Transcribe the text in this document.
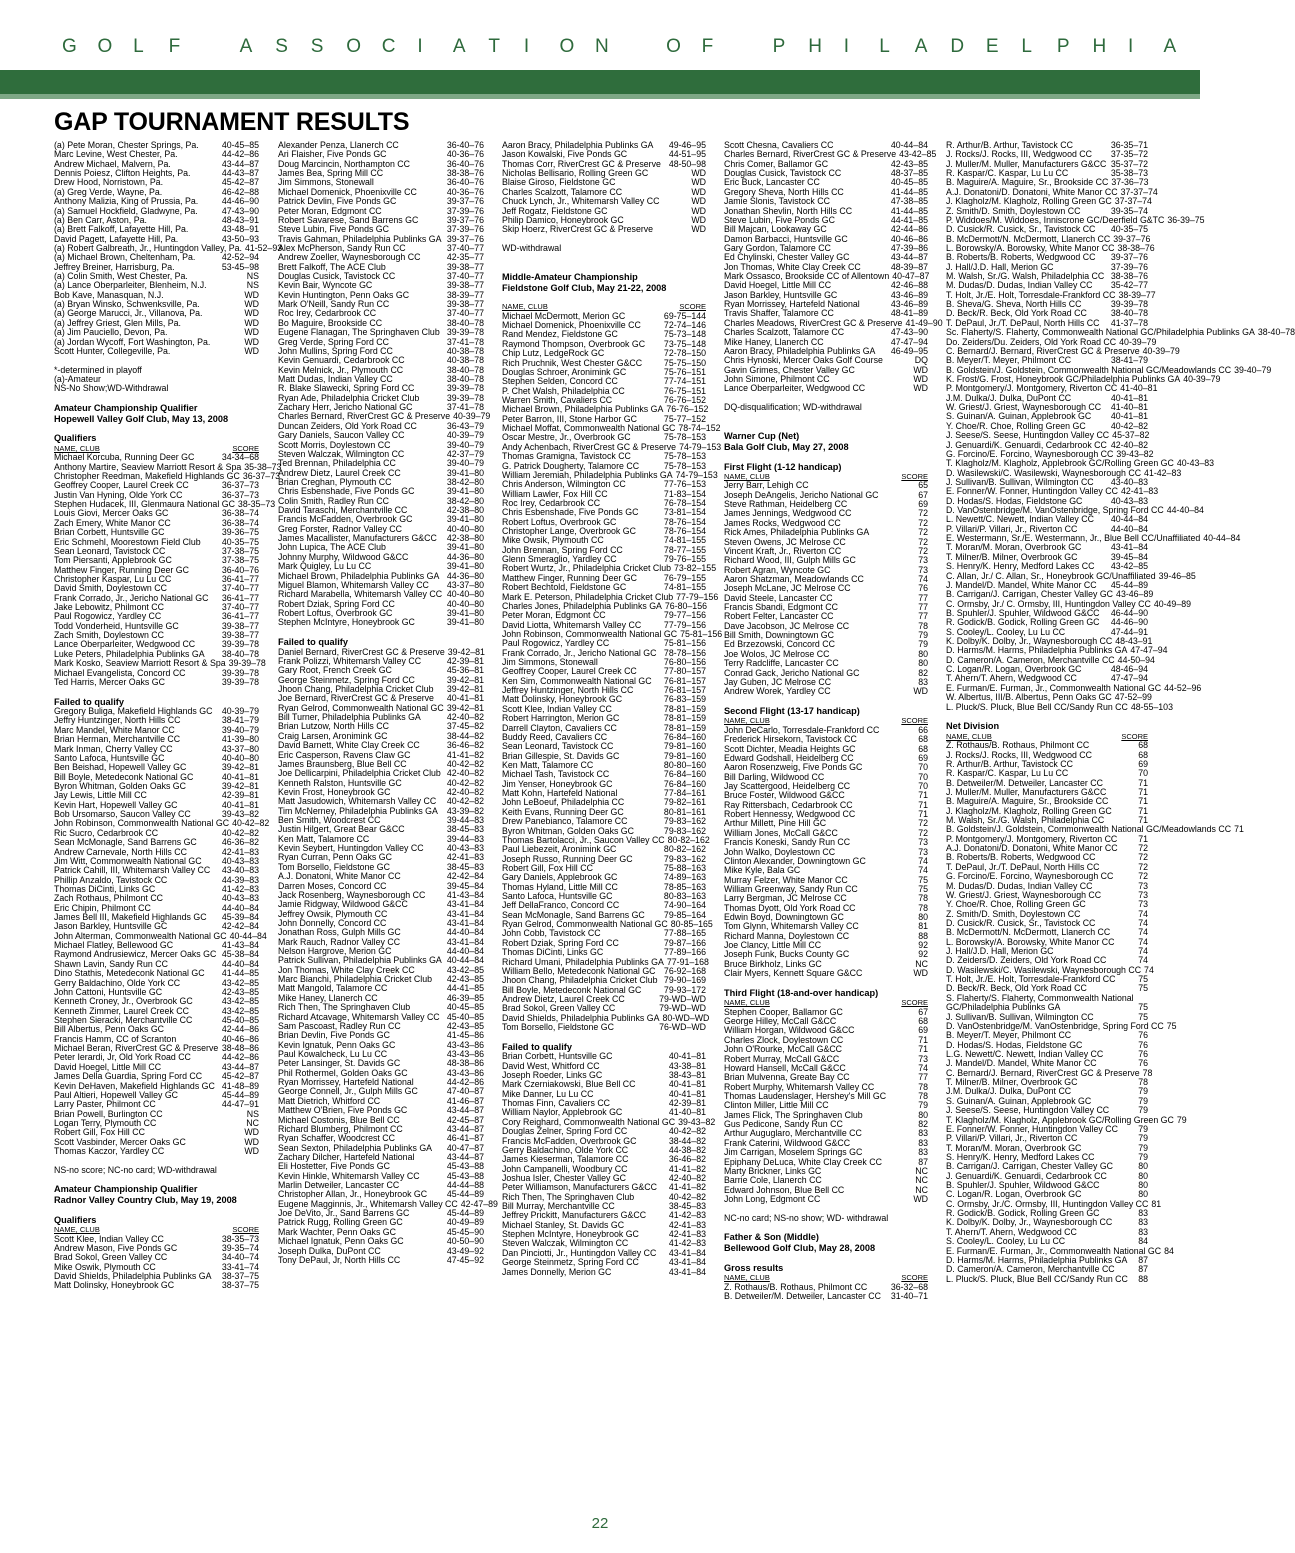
G O L F	A S S O C I A T I O N	O F	P H I L A D E L P H I A
GAP TOURNAMENT RESULTS
(a) Pete Moran, Chester Springs, Pa.	40-45–85
Marc Levine, West Chester, Pa.	44-42–86
Andrew Michael, Malvern, Pa.	43-44–87
Dennis Poiesz, Clifton Heights, Pa.	44-43–87
Drew Hood, Norristown, Pa.	45-42–87
(a) Greg Verde, Wayne, Pa.	46-42–88
Anthony Malizia, King of Prussia, Pa.	44-46–90
(a) Samuel Hockfield, Gladwyne, Pa.	47-43–90
(a) Ben Carr, Aston, Pa.	48-43–91
(a) Brett Falkoff, Lafayette Hill, Pa.	43-48–91
David Pagett, Lafayette Hill, Pa.	43-50–93
(a) Robert Galbreath, Jr., Huntingdon Valley, Pa. 41-52–93
(a) Michael Brown, Cheltenham, Pa.	42-52–94
Jeffrey Breiner, Harrisburg, Pa.	53-45–98
(a) Colin Smith, West Chester, Pa.	NS
(a) Lance Oberparleiter, Blenheim, N.J.	NS
Bob Kave, Manasquan, N.J.	WD
(a) Bryan Winsko, Schwenksville, Pa.	WD
(a) George Marucci, Jr., Villanova, Pa.	WD
(a) Jeffrey Griest, Glen Mills, Pa.	WD
(a) Jim Pauciello, Devon, Pa.	WD
(a) Jordan Wycoff, Fort Washington, Pa.	WD
Scott Hunter, Collegeville, Pa.	WD
*-determined in playoff
(a)-Amateur
NS-No Show;WD-Withdrawal
Amateur Championship Qualifier
Hopewell Valley Golf Club, May 13, 2008
Qualifiers
NAME, CLUB	SCORE
Michael Korcuba, Running Deer GC	34-34–68
Anthony Martire, Seaview Marriott Resort & Spa 35-38–73
Christopher Reedman, Makefield Highlands GC 36-37–73
Geoffrey Cooper, Laurel Creek CC	36-37–73
Justin Van Hyning, Olde York CC	36-37–73
Stephen Hudacek, III, Glenmaura National GC 38-35–73
Louis Giovi, Mercer Oaks GC	36-38–74
Zach Emery, White Manor CC	36-38–74
Brian Corbett, Huntsville GC	39-36–75
Eric Schmehl, Moorestown Field Club	40-35–75
Sean Leonard, Tavistock CC	37-38–75
Tom Piersanti, Applebrook GC	37-38–75
Matthew Finger, Running Deer GC	36-40–76
Christopher Kaspar, Lu Lu CC	36-41–77
David Smith, Doylestown CC	37-40–77
Frank Corrado, Jr., Jericho National GC	36-41–77
Jake Lebowitz, Philmont CC	37-40–77
Paul Rogowicz, Yardley CC	36-41–77
Todd Vonderheid, Huntsville GC	39-38–77
Zach Smith, Doylestown CC	39-38–77
Lance Oberparleiter, Wedgwood CC	39-39–78
Luke Peters, Philadelphia Publinks GA	38-40–78
Mark Kosko, Seaview Marriott Resort & Spa 39-39–78
Michael Evangelista, Concord CC	39-39–78
Ted Harris, Mercer Oaks GC	39-39–78
Failed to qualify
Gregory Buliga, Makefield Highlands GC	40-39–79
Jeffry Huntzinger, North Hills CC	38-41–79
Marc Mandel, White Manor CC	39-40–79
Brian Herman, Merchantville CC	41-39–80
Mark Inman, Cherry Valley CC	43-37–80
Santo Lafoca, Huntsville GC	40-40–80
Ben Beishad, Hopewell Valley GC	39-42–81
Bill Boyle, Metedeconk National GC	40-41–81
Byron Whitman, Golden Oaks GC	39-42–81
Jay Lewis, Little Mill CC	42-39–81
Kevin Hart, Hopewell Valley GC	40-41–81
Bob Ursomarso, Saucon Valley CC	39-43–82
John Robinson, Commonwealth National GC 40-42–82
Ric Sucro, Cedarbrook CC	40-42–82
Sean McMonagle, Sand Barrens GC	46-36–82
Andrew Carnevale, North Hills CC	42-41–83
Jim Witt, Commonwealth National GC	40-43–83
Patrick Cahill, III, Whitemarsh Valley CC	43-40–83
Phillip Anzaldo, Tavistock CC	44-39–83
Thomas DiCinti, Links GC	41-42–83
Zach Rothaus, Philmont CC	40-43–83
Eric Chipin, Philmont CC	44-40–84
James Bell III, Makefield Highlands GC	45-39–84
Jason Barkley, Huntsville GC	42-42–84
John Alterman, Commonwealth National GC 40-44–84
Michael Flatley, Bellewood GC	41-43–84
Raymond Andrusiewicz, Mercer Oaks GC 45-38–84
Shawn Lavin, Sandy Run CC	44-40–84
Dino Stathis, Metedeconk National GC	41-44–85
Gerry Baldachino, Olde York CC	43-42–85
John Cattoni, Huntsville GC	42-43–85
Kenneth Croney, Jr., Overbrook GC	43-42–85
Kenneth Zimmer, Laurel Creek CC	43-42–85
Stephen Sieracki, Merchantville CC	45-40–85
Bill Albertus, Penn Oaks GC	42-44–86
Francis Hamm, CC of Scranton	40-46–86
Michael Beran, RiverCrest GC & Preserve 38-48–86
Peter Ierardi, Jr, Old York Road CC	44-42–86
David Hoegel, Little Mill CC	43-44–87
James Della Guardia, Spring Ford CC	45-42–87
Kevin DeHaven, Makefield Highlands GC 41-48–89
Paul Altieri, Hopewell Valley GC	45-44–89
Larry Paster, Philmont CC	44-47–91
Brian Powell, Burlington CC	NS
Logan Terry, Plymouth CC	NC
Robert Gill, Fox Hill CC	WD
Scott Vasbinder, Mercer Oaks GC	WD
Thomas Kaczor, Yardley CC	WD
NS-no score; NC-no card; WD-withdrawal
Amateur Championship Qualifier
Radnor Valley Country Club, May 19, 2008
Qualifiers
NAME, CLUB	SCORE
Scott Klee, Indian Valley CC	38-35–73
Andrew Mason, Five Ponds GC	39-35–74
Brad Sokol, Green Valley CC	34-40–74
Mike Oswik, Plymouth CC	33-41–74
David Shields, Philadelphia Publinks GA	38-37–75
Matt Dolinsky, Honeybrook GC	38-37–75
Alexander Penza, Llanerch CC	36-40–76
Ari Flaisher, Five Ponds GC	40-36–76
Doug Marcincin, Northampton CC	36-40–76
James Bea, Spring Mill CC	38-38–76
Jim Simmons, Stonewall	36-40–76
Michael Domenick, Phoenixville CC	40-36–76
Patrick Devlin, Five Ponds GC	39-37–76
Peter Moran, Edgmont CC	37-39–76
Robert Savarese, Sand Barrens GC	39-37–76
Steve Lubin, Five Ponds GC	37-39–76
Travis Gahman, Philadelphia Publinks GA 39-37–76
Alex McPherson, Sandy Run CC	37-40–77
Andrew Zoeller, Waynesborough CC	42-35–77
Brett Falkoff, The ACE Club	39-38–77
Douglas Cusick, Tavistock CC	37-40–77
Kevin Bair, Wyncote GC	39-38–77
Kevin Huntington, Penn Oaks GC	38-39–77
Mark O'Neill, Sandy Run CC	39-38–77
Roc Irey, Cedarbrook CC	37-40–77
Bo Maguire, Brookside CC	38-40–78
Eugene Flanagan, The Springhaven Club 39-39–78
Greg Verde, Spring Ford CC	37-41–78
John Mullins, Spring Ford CC	40-38–78
Kevin Genuardi, Cedarbrook CC	40-38–78
Kevin Melnick, Jr., Plymouth CC	38-40–78
Matt Dudas, Indian Valley CC	38-40–78
R. Blake Slawecki, Spring Ford CC	39-39–78
Ryan Ade, Philadelphia Cricket Club	39-39–78
Zachary Herr, Jericho National GC	37-41–78
Charles Bernard, RiverCrest GC & Preserve 40-39–79
Duncan Zeiders, Old York Road CC	36-43–79
Gary Daniels, Saucon Valley CC	40-39–79
Scott Morris, Doylestown CC	39-40–79
Steven Walczak, Wilmington CC	42-37–79
Ted Brennan, Philadelphia CC	39-40–79
Andrew Dietz, Laurel Creek CC	39-41–80
Brian Creghan, Plymouth CC	38-42–80
Chris Esbenshade, Five Ponds GC	39-41–80
Colin Smith, Radley Run CC	38-42–80
David Taraschi, Merchantville CC	42-38–80
Francis McFadden, Overbrook GC	39-41–80
Greg Forster, Radnor Valley CC	40-40–80
James Macallister, Manufacturers G&CC	42-38–80
John Lupica, The ACE Club	39-41–80
Johnny Murphy, Wildwood G&CC	44-36–80
Mark Quigley, Lu Lu CC	39-41–80
Michael Brown, Philadelphia Publinks GA 44-36–80
Miguel Blamon, Whitemarsh Valley CC	43-37–80
Richard Marabella, Whitemarsh Valley CC 40-40–80
Robert Dziak, Spring Ford CC	40-40–80
Robert Loftus, Overbrook GC	39-41–80
Stephen McIntyre, Honeybrook GC	39-41–80
Failed to qualify
Daniel Bernard, RiverCrest GC & Preserve 39-42–81
Frank Polizzi, Whitemarsh Valley CC	42-39–81
Gary Root, French Creek GC	45-36–81
George Steinmetz, Spring Ford CC	39-42–81
Jhoon Chang, Philadelphia Cricket Club	39-42–81
Joe Bernard, RiverCrest GC & Preserve	40-41–81
Ryan Gelrod, Commonwealth National GC 39-42–81
Bill Turner, Philadelphia Publinks GA	42-40–82
Brian Lutzow, North Hills CC	37-45–82
Craig Larsen, Aronimink GC	38-44–82
David Barnett, White Clay Creek CC	36-46–82
Eric Casperson, Ravens Claw GC	41-41–82
James Braunsberg, Blue Bell CC	40-42–82
Joe Dellicarpini, Philadelphia Cricket Club 42-40–82
Kenneth Ralston, Huntsville GC	40-42–82
Kevin Frost, Honeybrook GC	42-40–82
Matt Jasudowich, Whitemarsh Valley CC	40-42–82
Tim McNerney, Philadelphia Publinks GA	43-39–82
Ben Smith, Woodcrest CC	39-44–83
Justin Hilgert, Great Bear G&CC	38-45–83
Ken Matt, Talamore CC	39-44–83
Kevin Seybert, Huntingdon Valley CC	40-43–83
Ryan Curran, Penn Oaks GC	42-41–83
Tom Borsello, Fieldstone GC	38-45–83
A.J. Donatoni, White Manor CC	42-42–84
Darren Moses, Concord CC	39-45–84
Jack Rosenberg, Waynesborough CC	41-43–84
Jamie Ridgway, Wildwood G&CC	43-41–84
Jeffrey Owsik, Plymouth CC	43-41–84
John Donnelly, Concord CC	43-41–84
Jonathan Ross, Gulph Mills GC	44-40–84
Mark Rauch, Radnor Valley CC	43-41–84
Nelson Hargrove, Merion GC	44-40–84
Patrick Sullivan, Philadelphia Publinks GA 40-44–84
Jon Thomas, White Clay Creek CC	43-42–85
Marc Bianchi, Philadelphia Cricket Club	42-43–85
Matt Mangold, Talamore CC	44-41–85
Mike Haney, Llanerch CC	46-39–85
Rich Then, The Springhaven Club	40-45–85
Richard Atcavage, Whitemarsh Valley CC 45-40–85
Sam Pascoast, Radley Run CC	42-43–85
Brian Devlin, Five Ponds GC	41-45–86
Kevin Ignatuk, Penn Oaks GC	43-43–86
Paul Kowalcheck, Lu Lu CC	43-43–86
Peter Lansinger, St. Davids GC	48-38–86
Phil Rothermel, Golden Oaks GC	43-43–86
Ryan Morrissey, Hartefeld National	44-42–86
George Connell, Jr., Gulph Mills GC	47-40–87
Matt Dietrich, Whitford CC	41-46–87
Matthew O'Brien, Five Ponds GC	43-44–87
Michael Costonis, Blue Bell CC	42-45–87
Richard Blumberg, Philmont CC	43-44–87
Ryan Schaffer, Woodcrest CC	46-41–87
Sean Sexton, Philadelphia Publinks GA	40-47–87
Zachary Dilcher, Hartefeld National	43-44–87
Eli Hostetter, Five Ponds GC	45-43–88
Kevin Hinkle, Whitemarsh Valley CC	45-43–88
Marlin Detweiler, Lancaster CC	44-44–88
Christopher Allan, Jr., Honeybrook GC	45-44–89
Eugene Magginnis, Jr., Whitemarsh Valley CC 42-47–89
Joe DeVito, Jr., Sand Barrens GC	45-44–89
Patrick Rugg, Rolling Green GC	40-49–89
Mark Wachter, Penn Oaks GC	45-45–90
Michael Ignatuk, Penn Oaks GC	40-50–90
Joseph Dulka, DuPont CC	43-49–92
Tony DePaul, Jr, North Hills CC	47-45–92
Aaron Bracy, Philadelphia Publinks GA	49-46–95
Jason Kowalski, Five Ponds GC	44-51–95
Thomas Corr, RiverCrest GC & Preserve 48-50–98
Nicholas Bellisario, Rolling Green GC	WD
Blaise Giroso, Fieldstone GC	WD
Charles Scalzott, Talamore CC	WD
Chuck Lynch, Jr., Whitemarsh Valley CC	WD
Jeff Rogatz, Fieldstone GC	WD
Philip Damico, Honeybrook GC	WD
Skip Hoerz, RiverCrest GC & Preserve	WD
WD-withdrawal
Middle-Amateur Championship
Fieldstone Golf Club, May 21-22, 2008
NAME, CLUB	SCORE
Michael McDermott, Merion GC	69-75–144
Michael Domenick, Phoenixville CC	72-74–146
Rand Mendez, Fieldstone GC	75-73–148
Raymond Thompson, Overbrook GC	73-75–148
Chip Lutz, LedgeRock GC	72-78–150
Rich Pruchnik, West Chester G&CC	75-75–150
Douglas Schroer, Aronimink GC	75-76–151
Stephen Selden, Concord CC	77-74–151
P. Chet Walsh, Philadelphia CC	76-75–151
Warren Smith, Cavaliers CC	76-76–152
Michael Brown, Philadelphia Publinks GA 76-76–152
Peter Barron, III, Stone Harbor GC	75-77–152
Michael Moffat, Commonwealth National GC 78-74–152
Oscar Mestre, Jr., Overbrook GC	75-78–153
Andy Achenbach, RiverCrest GC & Preserve 74-79–153
Thomas Gramigna, Tavistock CC	75-78–153
G. Patrick Dougherty, Talamore CC	75-78–153
William Jeremiah, Philadelphia Publinks GA 74-79–153
Chris Anderson, Wilmington CC	77-76–153
William Lawler, Fox Hill CC	71-83–154
Roc Irey, Cedarbrook CC	76-78–154
Chris Esbenshade, Five Ponds GC	73-81–154
Robert Loftus, Overbrook GC	78-76–154
Christopher Lange, Overbrook GC	78-76–154
Mike Owsik, Plymouth CC	74-81–155
John Brennan, Spring Ford CC	78-77–155
Glenn Smeraglio, Yardley CC	79-76–155
Robert Wurtz, Jr., Philadelphia Cricket Club 73-82–155
Matthew Finger, Running Deer GC	76-79–155
Robert Bechtold, Fieldstone GC	74-81–155
Mark E. Peterson, Philadelphia Cricket Club 77-79–156
Charles Jones, Philadelphia Publinks GA 76-80–156
Peter Moran, Edgmont CC	79-77–156
David Liotta, Whitemarsh Valley CC	77-79–156
John Robinson, Commonwealth National GC 75-81–156
Paul Rogowicz, Yardley CC	75-81–156
Frank Corrado, Jr., Jericho National GC 78-78–156
Jim Simmons, Stonewall	76-80–156
Geoffrey Cooper, Laurel Creek CC	77-80–157
Ken Sim, Commonwealth National GC	76-81–157
Jeffrey Huntzinger, North Hills CC	76-81–157
Matt Dolinsky, Honeybrook GC	76-83–159
Scott Klee, Indian Valley CC	78-81–159
Robert Harrington, Merion GC	78-81–159
Darrell Clayton, Cavaliers CC	78-81–159
Buddy Reed, Cavaliers CC	76-84–160
Sean Leonard, Tavistock CC	79-81–160
Brian Gillespie, St. Davids GC	79-81–160
Ken Matt, Talamore CC	80-80–160
Michael Tash, Tavistock CC	76-84–160
Jim Yenser, Honeybrook GC	76-84–160
Matt Kohn, Hartefeld National	77-84–161
John LeBoeuf, Philadelphia CC	79-82–161
Keith Evans, Running Deer GC	80-81–161
Drew Panebianco, Talamore CC	79-83–162
Byron Whitman, Golden Oaks GC	79-83–162
Thomas Bartolacci, Jr., Saucon Valley CC 80-82–162
Paul Liebezeit, Aronimink GC	80-82–162
Joseph Russo, Running Deer GC	79-83–162
Robert Gill, Fox Hill CC	75-88–163
Gary Daniels, Applebrook GC	74-89–163
Thomas Hyland, Little Mill CC	78-85–163
Santo Lafoca, Huntsville GC	80-83–163
Jeff DellaFranco, Concord CC	74-90–164
Sean McMonagle, Sand Barrens GC	79-85–164
Ryan Gelrod, Commonwealth National GC 80-85–165
John Cobb, Tavistock CC	77-88–165
Robert Dziak, Spring Ford CC	79-87–166
Thomas DiCinti, Links GC	77-89–166
Richard Umani, Philadelphia Publinks GA 77-91–168
William Bello, Metedeconk National GC 76-92–168
Jhoon Chang, Philadelphia Cricket Club 79-90–169
Bill Boyle, Metedeconk National GC	79-93–172
Andrew Dietz, Laurel Creek CC	79-WD–WD
Brad Sokol, Green Valley CC	79-WD–WD
David Shields, Philadelphia Publinks GA 80-WD–WD
Tom Borsello, Fieldstone GC	76-WD–WD
Failed to qualify
Brian Corbett, Huntsville GC	40-41–81
David West, Whitford CC	43-38–81
Joseph Roeder, Links GC	38-43–81
Mark Czerniakowski, Blue Bell CC	40-41–81
Mike Danner, Lu Lu CC	40-41–81
Thomas Finn, Cavaliers CC	42-39–81
William Naylor, Applebrook GC	41-40–81
Cory Reighard, Commonwealth National GC 39-43–82
Douglas Zelner, Spring Ford CC	40-42–82
Francis McFadden, Overbrook GC	38-44–82
Gerry Baldachino, Olde York CC	44-38–82
James Kieserman, Talamore CC	36-46–82
John Campanelli, Woodbury CC	41-41–82
Joshua Isler, Chester Valley GC	42-40–82
Peter Williamson, Manufacturers G&CC	41-41–82
Rich Then, The Springhaven Club	40-42–82
Bill Murray, Merchantville CC	38-45–83
Jeffrey Prickitt, Manufacturers G&CC	41-42–83
Michael Stanley, St. Davids GC	42-41–83
Stephen McIntyre, Honeybrook GC	42-41–83
Steven Walczak, Wilmington CC	41-42–83
Dan Pinciotti, Jr., Huntingdon Valley CC	43-41–84
George Steinmetz, Spring Ford CC	43-41–84
James Donnelly, Merion GC	43-41–84
Scott Chesna, Cavaliers CC	40-44–84
Charles Bernard, RiverCrest GC & Preserve 43-42–85
Chris Comer, Ballamor GC	42-43–85
Douglas Cusick, Tavistock CC	48-37–85
Eric Buck, Lancaster CC	40-45–85
Gregory Sheva, North Hills CC	41-44–85
Jamie Slonis, Tavistock CC	47-38–85
Jonathan Shevlin, North Hills CC	41-44–85
Steve Lubin, Five Ponds GC	44-41–85
Bill Majcan, Lookaway GC	42-44–86
Damon Barbacci, Huntsville GC	40-46–86
Gary Gordon, Talamore CC	47-39–86
Ed Chylinski, Chester Valley GC	43-44–87
Jon Thomas, White Clay Creek CC	48-39–87
Mark Ossasco, Brookside CC of Allentown 40-47–87
David Hoegel, Little Mill CC	42-46–88
Jason Barkley, Huntsville GC	43-46–89
Ryan Morrissey, Hartefeld National	43-46–89
Travis Shaffer, Talamore CC	48-41–89
Charles Meadows, RiverCrest GC & Preserve 41-49–90
Charles Scalzott, Talamore CC	47-43–90
Mike Haney, Llanerch CC	47-47–94
Aaron Bracy, Philadelphia Publinks GA	46-49–95
Chris Hynoski, Mercer Oaks Golf Course	DQ
Gavin Grimes, Chester Valley GC	WD
John Simone, Philmont CC	WD
Lance Oberparleiter, Wedgwood CC	WD
DQ-disqualification; WD-withdrawal
Warner Cup (Net)
Bala Golf Club, May 27, 2008
First Flight (1-12 handicap)
NAME, CLUB	SCORE
Jerry Barr, Lehigh CC	65
Joseph DeAngelis, Jericho National GC	67
Steve Rathman, Heidelberg CC	69
James Jennings, Wedgwood CC	72
James Rocks, Wedgwood CC	72
Rick Ames, Philadelphia Publinks GA	72
Steven Owens, JC Melrose CC	72
Vincent Kraft, Jr., Riverton CC	72
Richard Wood, III, Gulph Mills GC	73
Robert Agran, Wyncote GC	73
Aaron Shatzman, Meadowlands CC	74
Joseph McLane, JC Melrose CC	76
David Steele, Lancaster CC	77
Francis Sbandi, Edgmont CC	77
Robert Felter, Lancaster CC	77
Dave Jacobson, JC Melrose CC	78
Bill Smith, Downingtown GC	79
Ed Brzezowski, Concord CC	79
Joe Wolos, JC Melrose CC	80
Terry Radcliffe, Lancaster CC	80
Conrad Gack, Jericho National GC	82
Jay Guben, JC Melrose CC	83
Andrew Worek, Yardley CC	WD
Second Flight (13-17 handicap)
NAME, CLUB	SCORE
John DeCarlo, Torresdale-Frankford CC	66
Frederick Hirsekorn, Tavistock CC	68
Scott Dichter, Meadia Heights GC	68
Edward Godshall, Heidelberg CC	69
Aaron Rosenzweig, Five Ponds GC	70
Bill Darling, Wildwood CC	70
Jay Scattergood, Heidelberg CC	70
Bruce Foster, Wildwood G&CC	71
Ray Rittersbach, Cedarbrook CC	71
Robert Hennessy, Wedgwood CC	71
Arthur Millett, Pine Hill GC	72
William Jones, McCall G&CC	72
Francis Koneski, Sandy Run CC	73
John Walko, Doylestown CC	73
Clinton Alexander, Downingtown GC	74
Mike Kyle, Bala GC	74
Murray Felzer, White Manor CC	75
William Greenway, Sandy Run CC	75
Larry Bergman, JC Melrose CC	78
Thomas Dyott, Old York Road CC	78
Edwin Boyd, Downingtown GC	80
Tom Glynn, Whitemarsh Valley CC	81
Richard Manna, Doylestown CC	88
Joe Clancy, Little Mill CC	92
Joseph Funk, Bucks County GC	92
Bruce Birkholz, Links GC	NC
Clair Myers, Kennett Square G&CC	WD
Third Flight (18-and-over handicap)
NAME, CLUB	SCORE
Stephen Cooper, Ballamor GC	67
George Hilley, McCall G&CC	68
William Horgan, Wildwood G&CC	69
Charles Zlock, Doylestown CC	71
John O'Rourke, McCall G&CC	71
Robert Murray, McCall G&CC	73
Howard Hansell, McCall G&CC	74
Brian Mulvenna, Greate Bay CC	77
Robert Murphy, Whitemarsh Valley CC	78
Thomas Laudenslager, Hershey's Mill GC	78
Clinton Miller, Little Mill CC	79
James Flick, The Springhaven Club	80
Gus Pedicone, Sandy Run CC	82
Arthur Auguglaro, Merchantville CC	83
Frank Caterini, Wildwood G&CC	83
Jim Carrigan, Moselem Springs GC	83
Epiphany DeLuca, White Clay Creek CC	87
Marty Brickner, Links GC	NC
Barrie Cole, Llanerch CC	NC
Edward Johnson, Blue Bell CC	NC
John Long, Edgmont CC	WD
NC-no card; NS-no show; WD- withdrawal
Father & Son (Middle)
Bellewood Golf Club, May 28, 2008
Gross results
NAME, CLUB	SCORE
Z. Rothaus/B. Rothaus, Philmont CC	36-32–68
B. Detweiler/M. Detweiler, Lancaster CC	31-40–71
R. Arthur/B. Arthur, Tavistock CC	36-35–71
J. Rocks/J. Rocks, III, Wedgwood CC	37-35–72
J. Muller/M. Muller, Manufacturers G&CC 35-37–72
R. Kaspar/C. Kaspar, Lu Lu CC	35-38–73
B. Maguire/A. Maguire, Sr., Brookside CC 37-36–73
A.J. Donatoni/D. Donatoni, White Manor CC 37-37–74
J. Klagholz/M. Klagholz, Rolling Green GC 37-37–74
Z. Smith/D. Smith, Doylestown CC	39-35–74
P. Widdoes/M. Widdoes, Inniscrone GC/Deerfield G&TC 36-39–75
D. Cusick/R. Cusick, Sr., Tavistock CC	40-35–75
B. McDermott/N. McDermott, Llanerch CC 39-37–76
L. Borowsky/A. Borowsky, White Manor CC 38-38–76
B. Roberts/B. Roberts, Wedgwood CC	39-37–76
J. Hall/J.D. Hall, Merion GC	37-39–76
M. Walsh, Sr./G. Walsh, Philadelphia CC 38-38–76
M. Dudas/D. Dudas, Indian Valley CC	35-42–77
T. Holt, Jr./E. Holt, Torresdale-Frankford CC 38-39–77
B. Sheva/G. Sheva, North Hills CC	39-39–78
D. Beck/R. Beck, Old York Road CC	38-40–78
T. DePaul, Jr./T. DePaul, North Hills CC	41-37–78
Sc. Flaherty/S. Flaherty, Commonwealth National GC/Philadelphia Publinks GA 38-40–78
Do. Zeiders/Du. Zeiders, Old York Road CC 40-39–79
C. Bernard/J. Bernard, RiverCrest GC & Preserve 40-39–79
B. Meyer/T. Meyer, Philmont CC	38-41–79
B. Goldstein/J. Goldstein, Commonwealth National GC/Meadowlands CC 39-40–79
K. Frost/G. Frost, Honeybrook GC/Philadelphia Publinks GA 40-39–79
P. Montgomery/J. Montgomery, Riverton CC 41-40–81
J.M. Dulka/J. Dulka, DuPont CC	40-41–81
W. Griest/J. Griest, Waynesborough CC	41-40–81
S. Guinan/A. Guinan, Applebrook GC	40-41–81
Y. Choe/R. Choe, Rolling Green GC	40-42–82
J. Seese/S. Seese, Huntingdon Valley CC 45-37–82
J. Genuardi/K. Genuardi, Cedarbrook CC 42-40–82
G. Forcino/E. Forcino, Waynesborough CC 39-43–82
T. Klagholz/M. Klagholz, Applebrook GC/Rolling Green GC 40-43–83
D. Wasilewski/C. Wasilewski, Waynesborough CC 41-42–83
J. Sullivan/B. Sullivan, Wilmington CC	43-40–83
E. Fonner/W. Fonner, Huntingdon Valley CC 42-41–83
D. Hodas/S. Hodas, Fieldstone GC	40-43–83
D. VanOstenbridge/M. VanOstenbridge, Spring Ford CC 44-40–84
L. Newett/C. Newett, Indian Valley CC	40-44–84
P. Villari/P. Villari, Jr., Riverton CC	44-40–84
E. Westermann, Sr./E. Westermann, Jr., Blue Bell CC/Unaffiliated 40-44–84
T. Moran/M. Moran, Overbrook GC	43-41–84
T. Milner/B. Milner, Overbrook GC	39-45–84
S. Henry/K. Henry, Medford Lakes CC	43-42–85
C. Allan, Jr./ C. Allan, Sr., Honeybrook GC/Unaffiliated 39-46–85
J. Mandel/D. Mandel, White Manor CC	45-44–89
B. Carrigan/J. Carrigan, Chester Valley GC 43-46–89
C. Ormsby, Jr./ C. Ormsby, III, Huntingdon Valley CC 40-49–89
B. Spuhler/J. Spuhler, Wildwood G&CC	46-44–90
R. Godick/B. Godick, Rolling Green GC	44-46–90
S. Cooley/L. Cooley, Lu Lu CC	47-44–91
K. Dolby/K. Dolby, Jr., Waynesborough CC 48-43–91
D. Harms/M. Harms, Philadelphia Publinks GA 47-47–94
D. Cameron/A. Cameron, Merchantville CC 44-50–94
C. Logan/R. Logan, Overbrook GC	48-46–94
T. Ahern/T. Ahern, Wedgwood CC	47-47–94
E. Furman/E. Furman, Jr., Commonwealth National GC 44-52–96
W. Albertus, III/B. Albertus, Penn Oaks GC 47-52–99
L. Pluck/S. Pluck, Blue Bell CC/Sandy Run CC 48-55–103
Net Division
NAME, CLUB	SCORE
Z. Rothaus/B. Rothaus, Philmont CC	68
J. Rocks/J. Rocks, III, Wedgwood CC	68
R. Arthur/B. Arthur, Tavistock CC	69
R. Kaspar/C. Kaspar, Lu Lu CC	70
B. Detweiler/M. Detweiler, Lancaster CC	71
J. Muller/M. Muller, Manufacturers G&CC	71
B. Maguire/A. Maguire, Sr., Brookside CC	71
J. Klagholz/M. Klagholz, Rolling Green GC	71
M. Walsh, Sr./G. Walsh, Philadelphia CC	71
B. Goldstein/J. Goldstein, Commonwealth National GC/Meadowlands CC 71
P. Montgomery/J. Montgomery, Riverton CC	71
A.J. Donatoni/D. Donatoni, White Manor CC	72
B. Roberts/B. Roberts, Wedgwood CC	72
T. DePaul, Jr./T. DePaul, North Hills CC	72
G. Forcino/E. Forcino, Waynesborough CC	72
M. Dudas/D. Dudas, Indian Valley CC	73
W. Griest/J. Griest, Waynesborough CC	73
Y. Choe/R. Choe, Rolling Green GC	73
Z. Smith/D. Smith, Doylestown CC	74
D. Cusick/R. Cusick, Sr., Tavistock CC	74
B. McDermott/N. McDermott, Llanerch CC	74
L. Borowsky/A. Borowsky, White Manor CC	74
J. Hall/J.D. Hall, Merion GC	74
D. Zeiders/D. Zeiders, Old York Road CC	74
D. Wasilewski/C. Wasilewski, Waynesborough CC 74
T. Holt, Jr./E. Holt, Torresdale-Frankford CC	75
D. Beck/R. Beck, Old York Road CC	75
S. Flaherty/S. Flaherty, Commonwealth National
GC/Philadelphia Publinks GA	75
J. Sullivan/B. Sullivan, Wilmington CC	75
D. VanOstenbridge/M. VanOstenbridge, Spring Ford CC 75
B. Meyer/T. Meyer, Philmont CC	76
D. Hodas/S. Hodas, Fieldstone GC	76
L.G. Newett/C. Newett, Indian Valley CC	76
J. Mandel/D. Mandel, White Manor CC	76
C. Bernard/J. Bernard, RiverCrest GC & Preserve 78
T. Milner/B. Milner, Overbrook GC	78
J.M. Dulka/J. Dulka, DuPont CC	79
S. Guinan/A. Guinan, Applebrook GC	79
J. Seese/S. Seese, Huntingdon Valley CC	79
T. Klagholz/M. Klagholz, Applebrook GC/Rolling Green GC 79
E. Fonner/W. Fonner, Huntingdon Valley CC	79
P. Villari/P. Villari, Jr., Riverton CC	79
T. Moran/M. Moran, Overbrook GC	79
S. Henry/K. Henry, Medford Lakes CC	79
B. Carrigan/J. Carrigan, Chester Valley GC	80
J. Genuardi/K. Genuardi, Cedarbrook CC	80
B. Spuhler/J. Spuhler, Wildwood G&CC	80
C. Logan/R. Logan, Overbrook GC	80
C. Ormsby, Jr./C. Ormsby, III, Huntingdon Valley CC 81
R. Godick/B. Godick, Rolling Green GC	83
K. Dolby/K. Dolby, Jr., Waynesborough CC	83
T. Ahern/T. Ahern, Wedgwood CC	83
S. Cooley/L. Cooley, Lu Lu CC	84
E. Furman/E. Furman, Jr., Commonwealth National GC 84
D. Harms/M. Harms, Philadelphia Publinks GA	87
D. Cameron/A. Cameron, Merchantville CC	87
L. Pluck/S. Pluck, Blue Bell CC/Sandy Run CC	88
22
